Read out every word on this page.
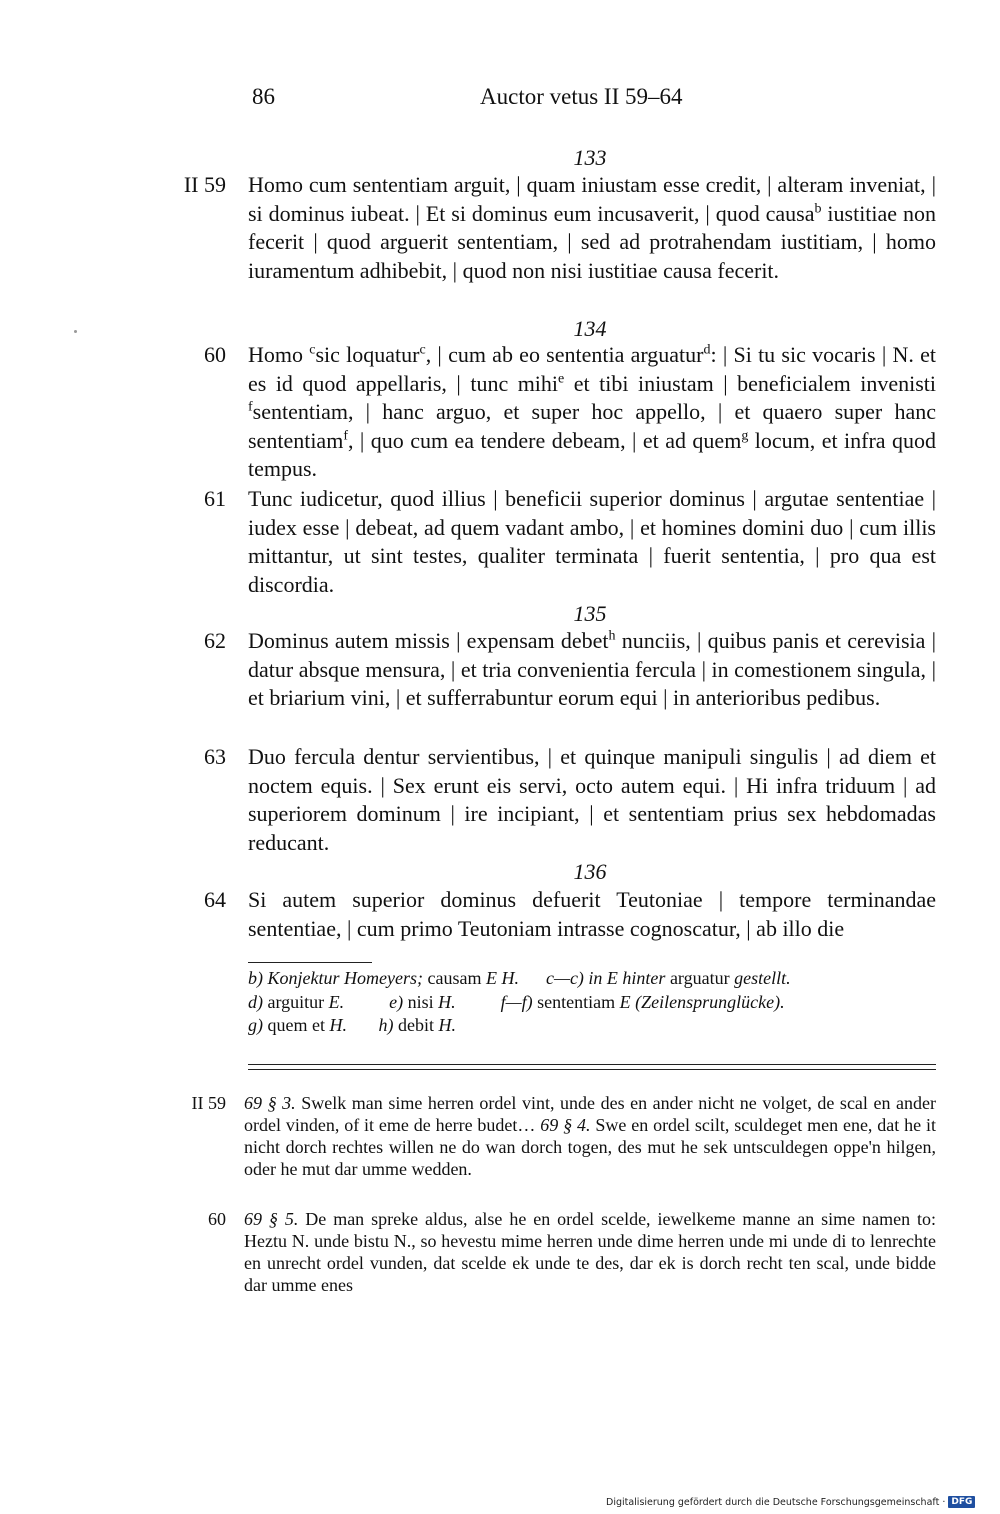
86	Auctor vetus II 59–64
133
II 59 Homo cum sententiam arguit, | quam iniustam esse credit, | alteram inveniat, | si dominus iubeat. | Et si dominus eum incusaverit, | quod causa$^b$ iustitiae non fecerit | quod arguerit sententiam, | sed ad protrahendam iustitiam, | homo iuramentum adhibebit, | quod non nisi iustitiae causa fecerit.
134
60 Homo $^c$sic loquatur$^c$, | cum ab eo sententia arguatur$^d$: | Si tu sic vocaris | N. et es id quod appellaris, | tunc mihi$^e$ et tibi iniustam | beneficialem invenisti $^f$sententiam, | hanc arguo, et super hoc appello, | et quaero super hanc sententiam$^f$, | quo cum ea tendere debeam, | et ad quem$^g$ locum, et infra quod tempus.
61 Tunc iudicetur, quod illius | beneficii superior dominus | argutae sententiae | iudex esse | debeat, ad quem vadant ambo, | et homines domini duo | cum illis mittantur, ut sint testes, qualiter terminata | fuerit sententia, | pro qua est discordia.
135
62 Dominus autem missis | expensam debet$^h$ nunciis, | quibus panis et cerevisia | datur absque mensura, | et tria convenientia fercula | in comestionem singula, | et briarium vini, | et sufferrabuntur eorum equi | in anterioribus pedibus.
63 Duo fercula dentur servientibus, | et quinque manipuli singulis | ad diem et noctem equis. | Sex erunt eis servi, octo autem equi. | Hi infra triduum | ad superiorem dominum | ire incipiant, | et sententiam prius sex hebdomadas reducant.
136
64 Si autem superior dominus defuerit Teutoniae | tempore terminandae sententiae, | cum primo Teutoniam intrasse cognoscatur, | ab illo die
b) Konjektur Homeyers; causam E H. c—c) in E hinter arguatur gestellt.
d) arguitur E.	e) nisi H.	f—f) sententiam E (Zeilensprunglücke).
g) quem et H. h) debit H.
II 59 69 § 3. Swelk man sime herren ordel vint, unde des en ander nicht ne volget, de scal en ander ordel vinden, of it eme de herre budet… 69 § 4. Swe en ordel scilt, sculdeget men ene, dat he it nicht dorch rechtes willen ne do wan dorch togen, des mut he sek untsculdegen oppe'n hilgen, oder he mut dar umme wedden.
60 69 § 5. De man spreke aldus, alse he en ordel scelde, iewelkeme manne an sime namen to: Heztu N. unde bistu N., so hevestu mime herren unde dime herren unde mi unde di to lenrechte en unrecht ordel vunden, dat scelde ek unde te des, dar ek is dorch recht ten scal, unde bidde dar umme enes
Digitalisierung gefördert durch die Deutsche Forschungsgemeinschaft · DFG
